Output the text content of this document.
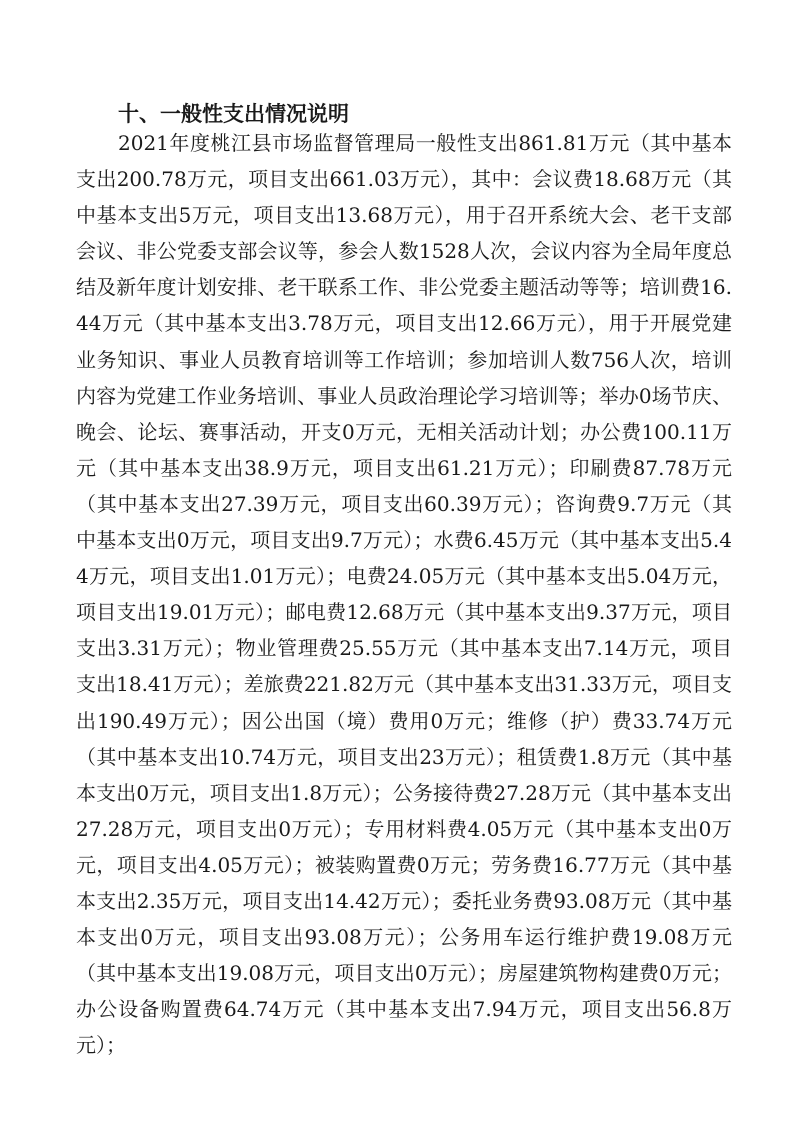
十、一般性支出情况说明

2021年度桃江县市场监督管理局一般性支出861.81万元（其中基本支出200.78万元，项目支出661.03万元），其中：会议费18.68万元（其中基本支出5万元，项目支出13.68万元），用于召开系统大会、老干支部会议、非公党委支部会议等，参会人数1528人次，会议内容为全局年度总结及新年度计划安排、老干联系工作、非公党委主题活动等等；培训费16.44万元（其中基本支出3.78万元，项目支出12.66万元），用于开展党建业务知识、事业人员教育培训等工作培训；参加培训人数756人次，培训内容为党建工作业务培训、事业人员政治理论学习培训等；举办0场节庆、晚会、论坛、赛事活动，开支0万元，无相关活动计划；办公费100.11万元（其中基本支出38.9万元，项目支出61.21万元）；印刷费87.78万元（其中基本支出27.39万元，项目支出60.39万元）；咨询费9.7万元（其中基本支出0万元，项目支出9.7万元）；水费6.45万元（其中基本支出5.44万元，项目支出1.01万元）；电费24.05万元（其中基本支出5.04万元，项目支出19.01万元）；邮电费12.68万元（其中基本支出9.37万元，项目支出3.31万元）；物业管理费25.55万元（其中基本支出7.14万元，项目支出18.41万元）；差旅费221.82万元（其中基本支出31.33万元，项目支出190.49万元）；因公出国（境）费用0万元；维修（护）费33.74万元（其中基本支出10.74万元，项目支出23万元）；租赁费1.8万元（其中基本支出0万元，项目支出1.8万元）；公务接待费27.28万元（其中基本支出27.28万元，项目支出0万元）；专用材料费4.05万元（其中基本支出0万元，项目支出4.05万元）；被装购置费0万元；劳务费16.77万元（其中基本支出2.35万元，项目支出14.42万元）；委托业务费93.08万元（其中基本支出0万元，项目支出93.08万元）；公务用车运行维护费19.08万元（其中基本支出19.08万元，项目支出0万元）；房屋建筑物构建费0万元；办公设备购置费64.74万元（其中基本支出7.94万元，项目支出56.8万元）；
